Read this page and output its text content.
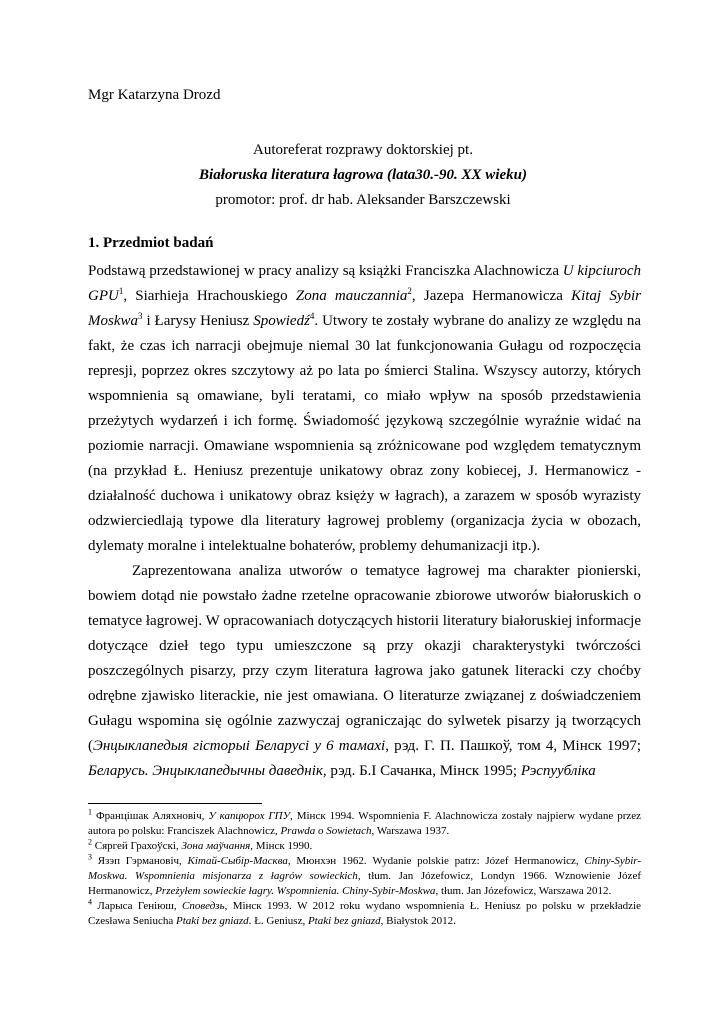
Mgr Katarzyna Drozd
Autoreferat rozprawy doktorskiej pt.
Białoruska literatura łagrowa (lata30.-90. XX wieku)
promotor: prof. dr hab. Aleksander Barszczewski
1. Przedmiot badań

Podstawą przedstawionej w pracy analizy są książki Franciszka Alachnowicza U kipciuroch GPU$^1$, Siarhieja Hrachouskiego Zona mauczannia$^2$, Jazepa Hermanowicza Kitaj Sybir Moskwa$^3$ i Łarysy Heniusz Spowiedź$^4$. Utwory te zostały wybrane do analizy ze względu na fakt, że czas ich narracji obejmuje niemal 30 lat funkcjonowania Gułagu od rozpoczęcia represji, poprzez okres szczytowy aż po lata po śmierci Stalina. Wszyscy autorzy, których wspomnienia są omawiane, byli teratami, co miało wpływ na sposób przedstawienia przeżytych wydarzeń i ich formę. Świadomość językową szczególnie wyraźnie widać na poziomie narracji. Omawiane wspomnienia są zróżnicowane pod względem tematycznym (na przykład Ł. Heniusz prezentuje unikatowy obraz zony kobiecej, J. Hermanowicz - działalność duchowa i unikatowy obraz księży w łagrach), a zarazem w sposób wyrazisty odzwierciedlają typowe dla literatury łagrowej problemy (organizacja życia w obozach, dylematy moralne i intelektualne bohaterów, problemy dehumanizacji itp.).

Zaprezentowana analiza utworów o tematyce łagrowej ma charakter pionierski, bowiem dotąd nie powstało żadne rzetelne opracowanie zbiorowe utworów białoruskich o tematyce łagrowej. W opracowaniach dotyczących historii literatury białoruskiej informacje dotyczące dzieł tego typu umieszczone są przy okazji charakterystyki twórczości poszczególnych pisarzy, przy czym literatura łagrowa jako gatunek literacki czy choćby odrębne zjawisko literackie, nie jest omawiana. O literaturze związanej z doświadczeniem Gułagu wspomina się ogólnie zazwyczaj ograniczając do sylwetek pisarzy ją tworzących (Энцыклапедыя гісторыі Беларусі у 6 тамахі, рэд. Г. П. Пашкоў, том 4, Мінск 1997; Беларусь. Энцыклапедычны даведнік, рэд. Б.І Сачанка, Мінск 1995; Рэспуубліка

$^1$ Францішак Аляхновіч, У капцюрох ГПУ, Мінск 1994. Wspomnienia F. Alachnowicza zostały najpierw wydane przez autora po polsku: Franciszek Alachnowicz, Prawda o Sowietach, Warszawa 1937.
$^2$ Сяргей Грахоўскі, Зона маўчання, Мінск 1990.
$^3$ Язэп Гэрмановіч, Кітай-Сыбір-Масква, Мюнхэн 1962. Wydanie polskie patrz: Józef Hermanowicz, Chiny-Sybir-Moskwa. Wspomnienia misjonarza z łagrów sowieckich, tłum. Jan Józefowicz, Londyn 1966. Wznowienie Józef Hermanowicz, Przeżyłem sowieckie łagry. Wspomnienia. Chiny-Sybir-Moskwa, tłum. Jan Józefowicz, Warszawa 2012.
$^4$ Ларыса Геніюш, Споведзь, Мінск 1993. W 2012 roku wydano wspomnienia Ł. Heniusz po polsku w przekładzie Czesława Seniucha Ptaki bez gniazd. Ł. Geniusz, Ptaki bez gniazd, Białystok 2012.
